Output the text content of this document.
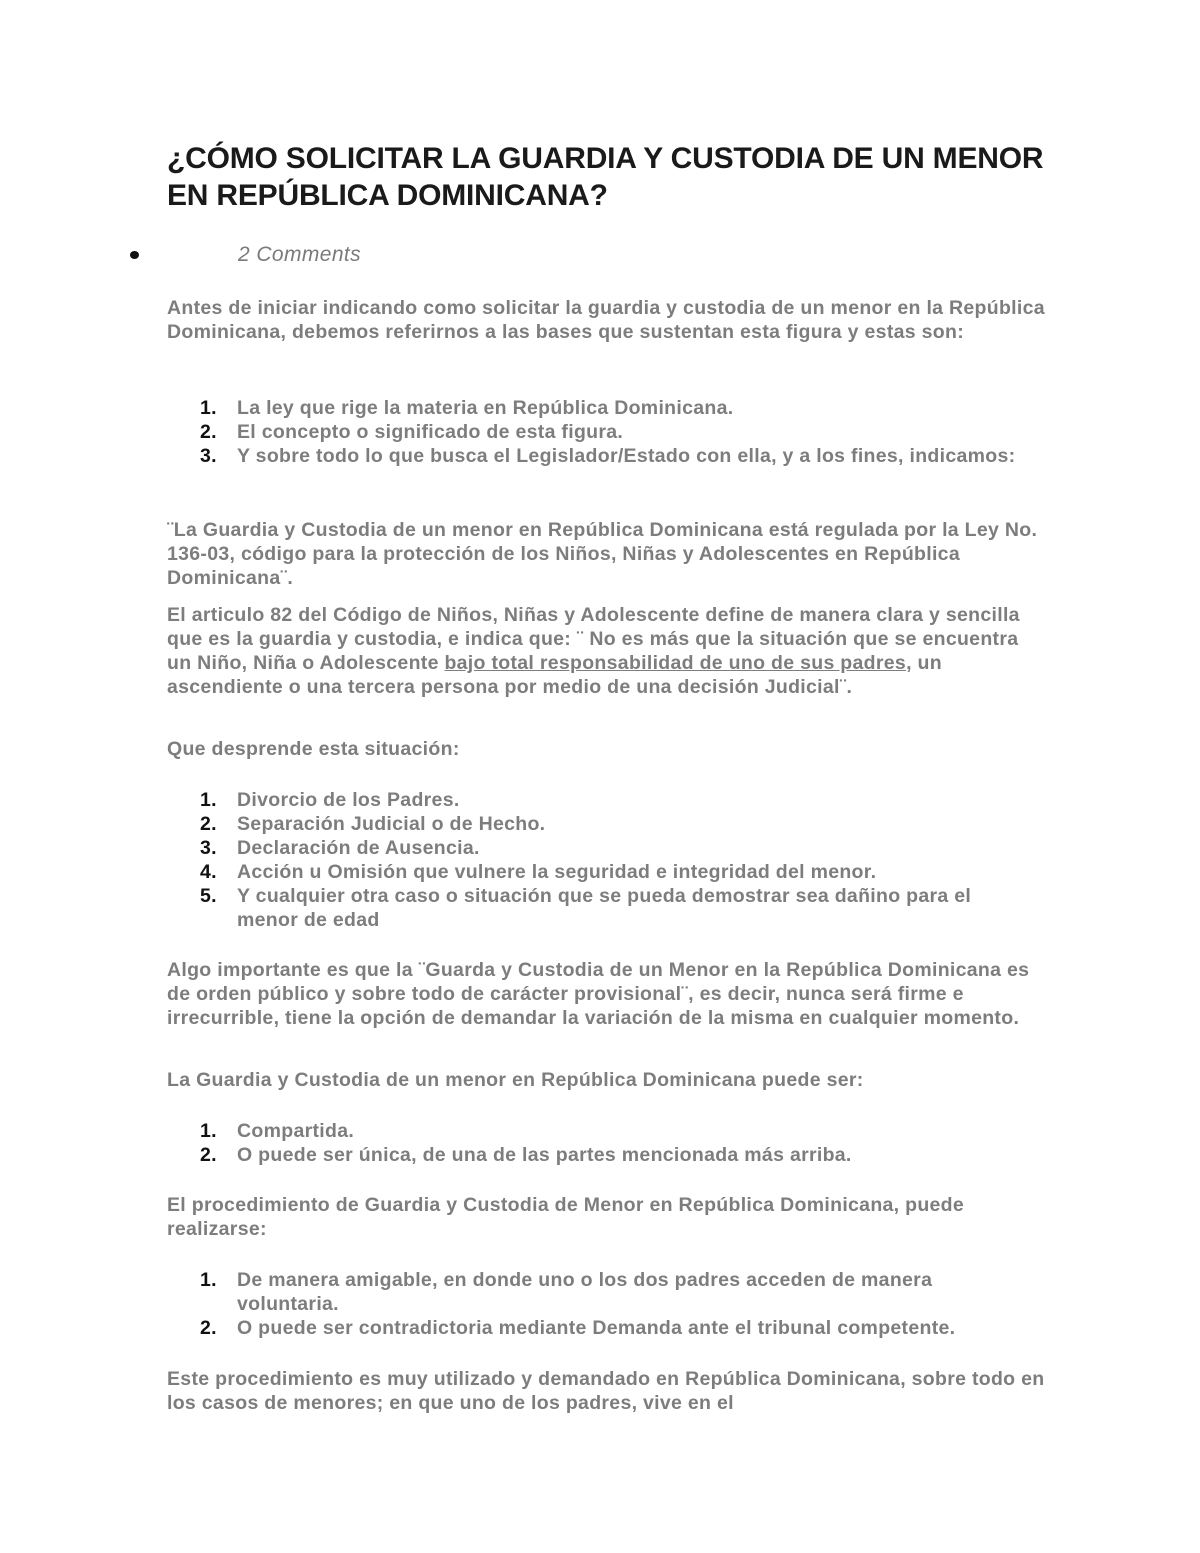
¿CÓMO SOLICITAR LA GUARDIA Y CUSTODIA DE UN MENOR EN REPÚBLICA DOMINICANA?
2 Comments

Antes de iniciar indicando como solicitar la guardia y custodia de un menor en la República Dominicana, debemos referirnos a las bases que sustentan esta figura y estas son:

1. La ley que rige la materia en República Dominicana.
2. El concepto o significado de esta figura.
3. Y sobre todo lo que busca el Legislador/Estado con ella, y a los fines, indicamos:

¨La Guardia y Custodia de un menor en República Dominicana está regulada por la Ley No. 136-03, código para la protección de los Niños, Niñas y Adolescentes en República Dominicana¨.

El articulo 82 del Código de Niños, Niñas y Adolescente define de manera clara y sencilla que es la guardia y custodia, e indica que: ¨ No es más que la situación que se encuentra un Niño, Niña o Adolescente bajo total responsabilidad de uno de sus padres, un ascendiente o una tercera persona por medio de una decisión Judicial¨.

Que desprende esta situación:

1. Divorcio de los Padres.
2. Separación Judicial o de Hecho.
3. Declaración de Ausencia.
4. Acción u Omisión que vulnere la seguridad e integridad del menor.
5. Y cualquier otra caso o situación que se pueda demostrar sea dañino para el menor de edad

Algo importante es que la ¨Guarda y Custodia de un Menor en la República Dominicana es de orden público y sobre todo de carácter provisional¨, es decir, nunca será firme e irrecurrible, tiene la opción de demandar la variación de la misma en cualquier momento.

La Guardia y Custodia de un menor en República Dominicana puede ser:

1. Compartida.
2. O puede ser única, de una de las partes mencionada más arriba.

El procedimiento de Guardia y Custodia de Menor en República Dominicana, puede realizarse:

1. De manera amigable, en donde uno o los dos padres acceden de manera voluntaria.
2. O puede ser contradictoria mediante Demanda ante el tribunal competente.

Este procedimiento es muy utilizado y demandado en República Dominicana, sobre todo en los casos de menores; en que uno de los padres, vive en el
